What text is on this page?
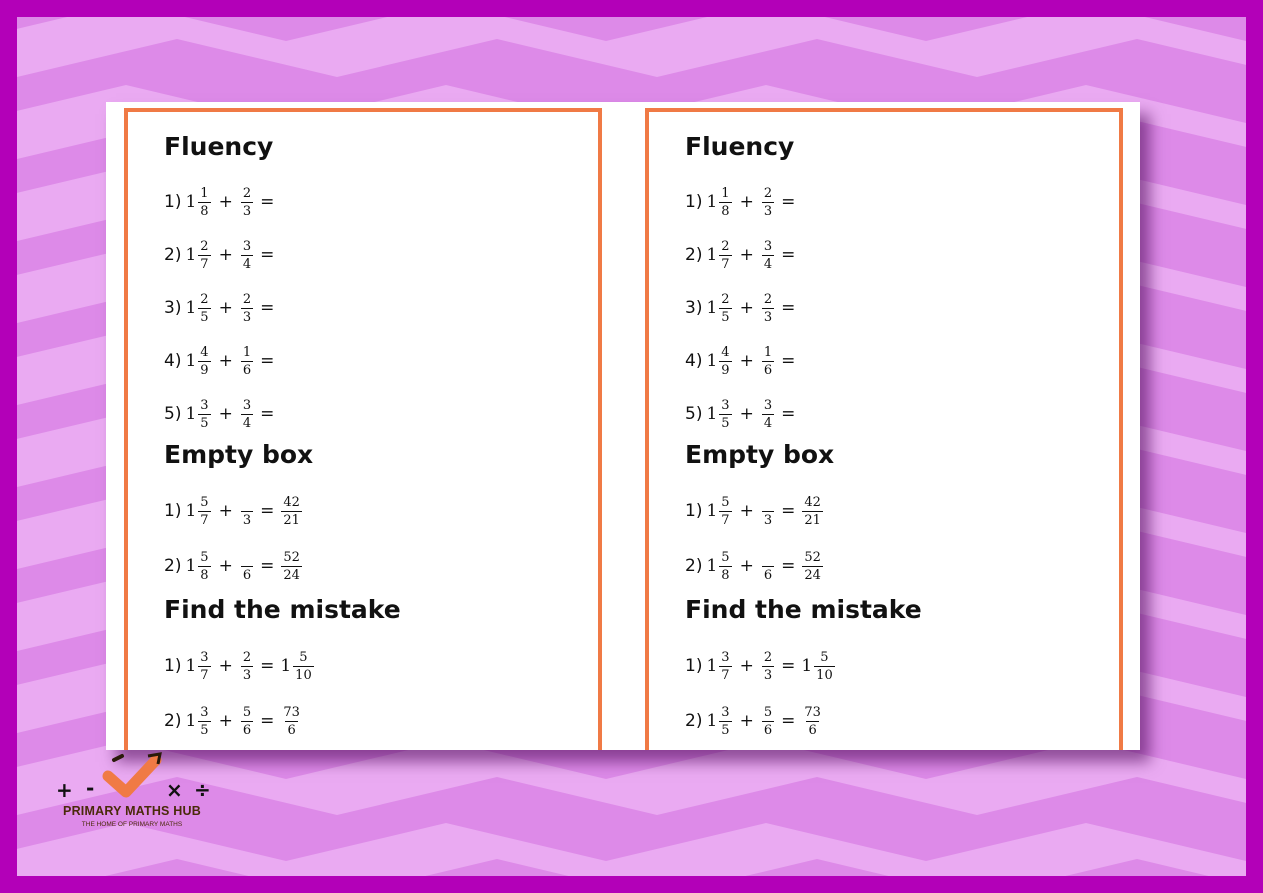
Fluency
1) $1 \frac{1}{8} + \frac{2}{3}$ =
2) $1 \frac{2}{7} + \frac{3}{4}$ =
3) $1 \frac{2}{5} + \frac{2}{3}$ =
4) $1 \frac{4}{9} + \frac{1}{6}$ =
5) $1 \frac{3}{5} + \frac{3}{4}$ =
Empty box
1) $1 \frac{5}{7} + 3 = \frac{42}{21}$
2) $1 \frac{5}{8} + 6 = \frac{52}{24}$
Find the mistake
1) $1 \frac{3}{7} + \frac{2}{3} = 1 \frac{5}{10}$
2) $1 \frac{3}{5} + \frac{5}{6} = \frac{73}{6}$
Fluency
1) $1 \frac{1}{8} + \frac{2}{3}$ =
2) $1 \frac{2}{7} + \frac{3}{4}$ =
3) $1 \frac{2}{5} + \frac{2}{3}$ =
4) $1 \frac{4}{9} + \frac{1}{6}$ =
5) $1 \frac{3}{5} + \frac{3}{4}$ =
Empty box
1) $1 \frac{5}{7} + 3 = \frac{42}{21}$
2) $1 \frac{5}{8} + 6 = \frac{52}{24}$
Find the mistake
1) $1 \frac{3}{7} + \frac{2}{3} = 1 \frac{5}{10}$
2) $1 \frac{3}{5} + \frac{5}{6} = \frac{73}{6}$
+ -	× ÷
PRIMARY MATHS HUB
THE HOME OF PRIMARY MATHS
